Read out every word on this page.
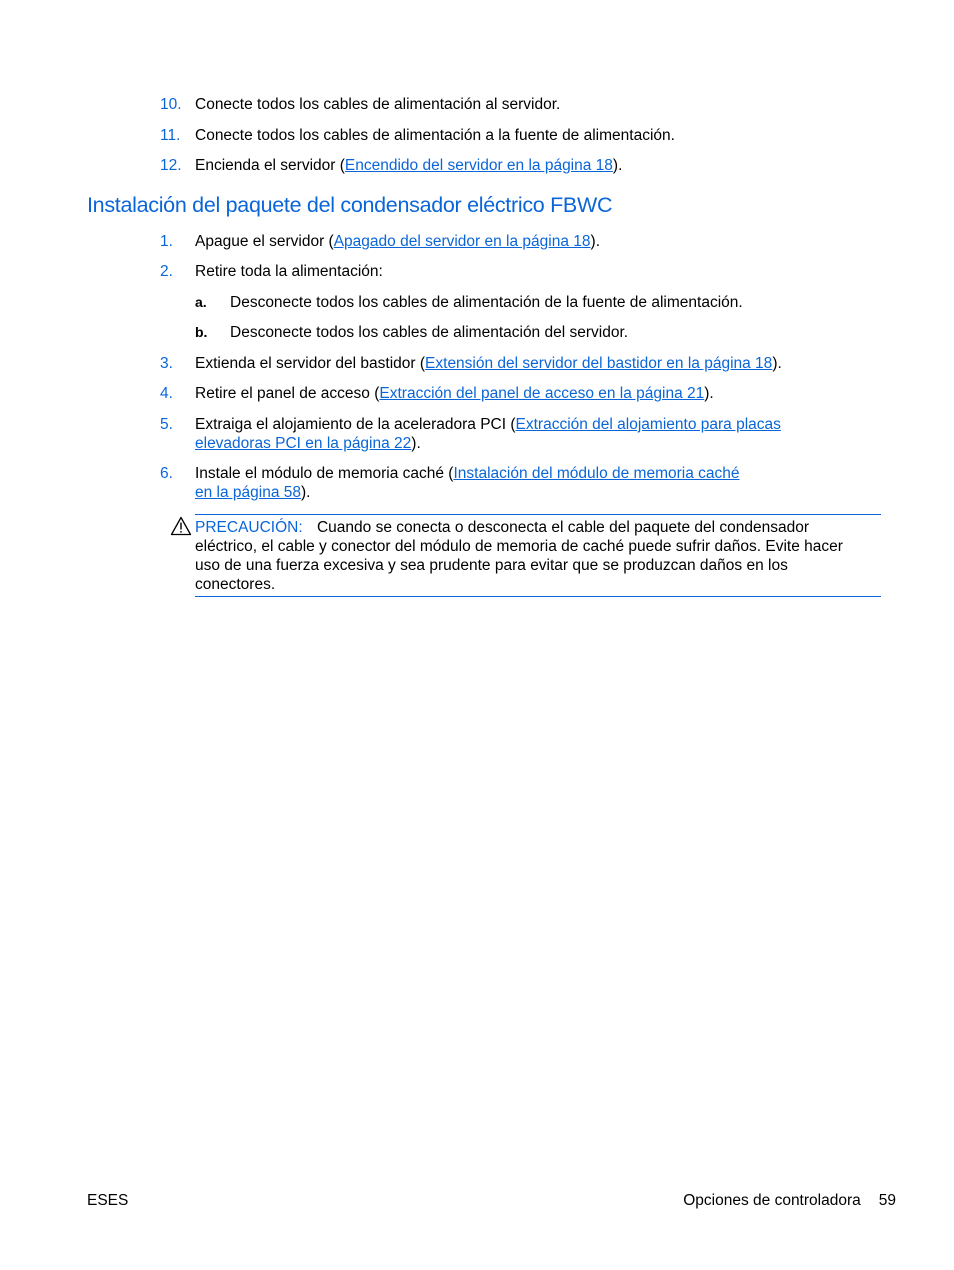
10. Conecte todos los cables de alimentación al servidor.
11. Conecte todos los cables de alimentación a la fuente de alimentación.
12. Encienda el servidor (Encendido del servidor en la página 18).
Instalación del paquete del condensador eléctrico FBWC
1. Apague el servidor (Apagado del servidor en la página 18).
2. Retire toda la alimentación:
a. Desconecte todos los cables de alimentación de la fuente de alimentación.
b. Desconecte todos los cables de alimentación del servidor.
3. Extienda el servidor del bastidor (Extensión del servidor del bastidor en la página 18).
4. Retire el panel de acceso (Extracción del panel de acceso en la página 21).
5. Extraiga el alojamiento de la aceleradora PCI (Extracción del alojamiento para placas
elevadoras PCI en la página 22).
6. Instale el módulo de memoria caché (Instalación del módulo de memoria caché
en la página 58).
PRECAUCIÓN: Cuando se conecta o desconecta el cable del paquete del condensador
eléctrico, el cable y conector del módulo de memoria de caché puede sufrir daños. Evite hacer
uso de una fuerza excesiva y sea prudente para evitar que se produzcan daños en los
conectores.
ESES	Opciones de controladora 59
